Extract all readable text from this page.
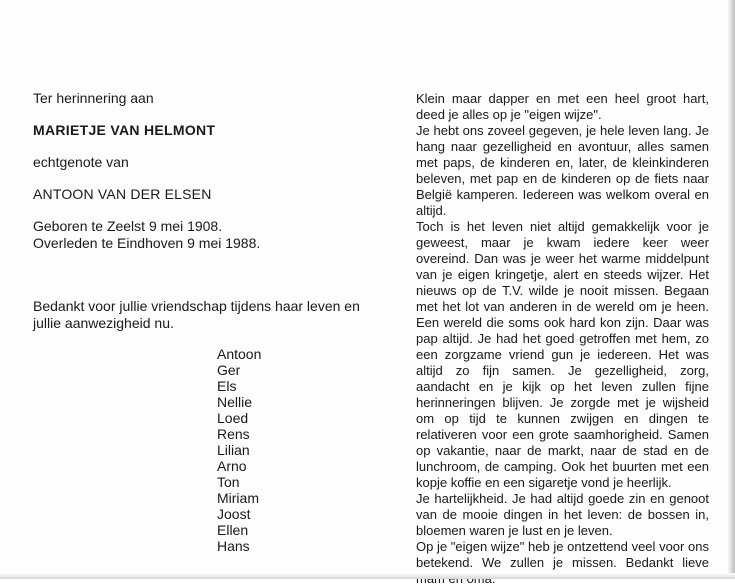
Ter herinnering aan
MARIETJE VAN HELMONT
echtgenote van
ANTOON VAN DER ELSEN
Geboren te Zeelst 9 mei 1908.
Overleden te Eindhoven 9 mei 1988.
Bedankt voor jullie vriendschap tijdens haar leven en jullie aanwezigheid nu.
Antoon
Ger
Els
Nellie
Loed
Rens
Lilian
Arno
Ton
Miriam
Joost
Ellen
Hans

Klein maar dapper en met een heel groot hart, deed je alles op je "eigen wijze".

Je hebt ons zoveel gegeven, je hele leven lang. Je hang naar gezelligheid en avontuur, alles samen met paps, de kinderen en, later, de kleinkinderen beleven, met pap en de kinderen op de fiets naar België kamperen. Iedereen was welkom overal en altijd.

Toch is het leven niet altijd gemakkelijk voor je geweest, maar je kwam iedere keer weer overeind. Dan was je weer het warme middelpunt van je eigen kringetje, alert en steeds wijzer. Het nieuws op de T.V. wilde je nooit missen. Begaan met het lot van anderen in de wereld om je heen. Een wereld die soms ook hard kon zijn. Daar was pap altijd. Je had het goed getroffen met hem, zo een zorgzame vriend gun je iedereen. Het was altijd zo fijn samen. Je gezelligheid, zorg, aandacht en je kijk op het leven zullen fijne herinneringen blijven. Je zorgde met je wijsheid om op tijd te kunnen zwijgen en dingen te relativeren voor een grote saamhorigheid. Samen op vakantie, naar de markt, naar de stad en de lunchroom, de camping. Ook het buurten met een kopje koffie en een sigaretje vond je heerlijk.

Je hartelijkheid. Je had altijd goede zin en genoot van de mooie dingen in het leven: de bossen in, bloemen waren je lust en je leven.

Op je "eigen wijze" heb je ontzettend veel voor ons betekend. We zullen je missen. Bedankt lieve
